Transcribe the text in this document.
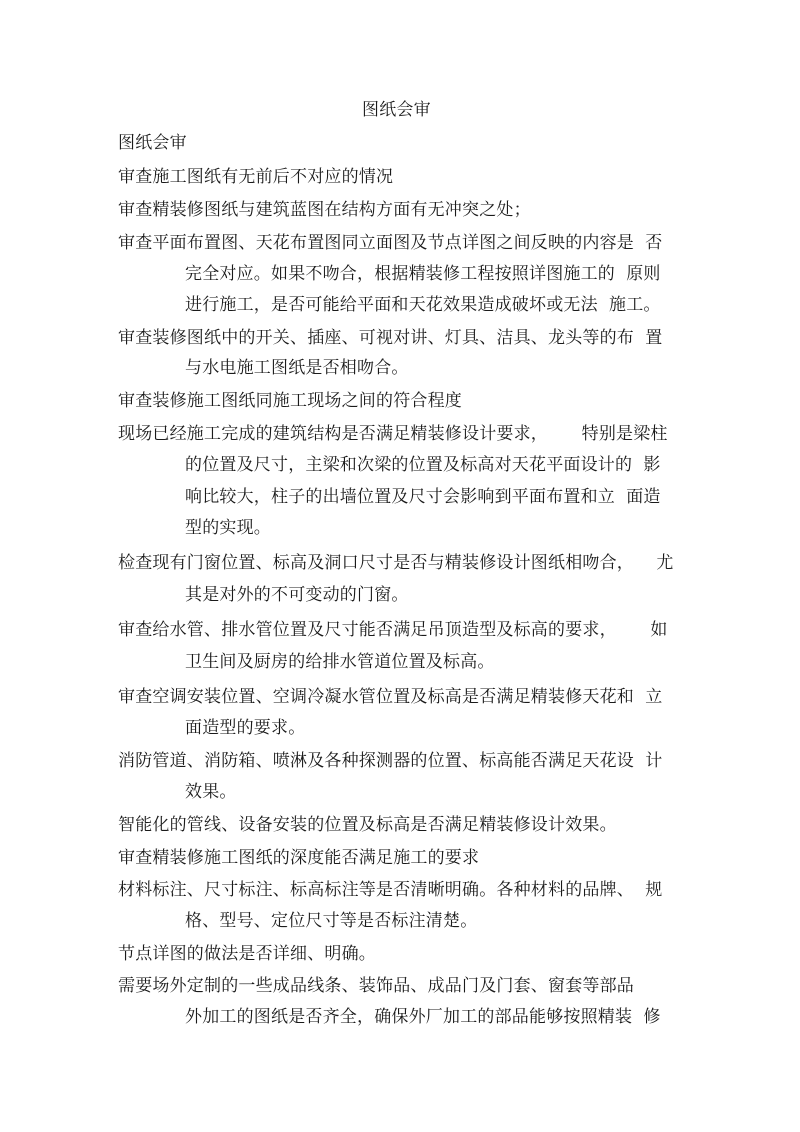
图纸会审
图纸会审
审查施工图纸有无前后不对应的情况
审查精装修图纸与建筑蓝图在结构方面有无冲突之处；
审查平面布置图、天花布置图同立面图及节点详图之间反映的内容是  否
完全对应。如果不吻合，根据精装修工程按照详图施工的  原则
进行施工，是否可能给平面和天花效果造成破坏或无法  施工。
审查装修图纸中的开关、插座、可视对讲、灯具、洁具、龙头等的布  置
与水电施工图纸是否相吻合。
审查装修施工图纸同施工现场之间的符合程度
现场已经施工完成的建筑结构是否满足精装修设计要求，      特别是梁柱
的位置及尺寸，主梁和次梁的位置及标高对天花平面设计的  影
响比较大，柱子的出墙位置及尺寸会影响到平面布置和立  面造
型的实现。
检查现有门窗位置、标高及洞口尺寸是否与精装修设计图纸相吻合，    尤
其是对外的不可变动的门窗。
审查给水管、排水管位置及尺寸能否满足吊顶造型及标高的要求，      如
卫生间及厨房的给排水管道位置及标高。
审查空调安装位置、空调冷凝水管位置及标高是否满足精装修天花和  立
面造型的要求。
消防管道、消防箱、喷淋及各种探测器的位置、标高能否满足天花设  计
效果。
智能化的管线、设备安装的位置及标高是否满足精装修设计效果。
审查精装修施工图纸的深度能否满足施工的要求
材料标注、尺寸标注、标高标注等是否清晰明确。各种材料的品牌、  规
格、型号、定位尺寸等是否标注清楚。
节点详图的做法是否详细、明确。
需要场外定制的一些成品线条、装饰品、成品门及门套、窗套等部品
外加工的图纸是否齐全，确保外厂加工的部品能够按照精装  修
